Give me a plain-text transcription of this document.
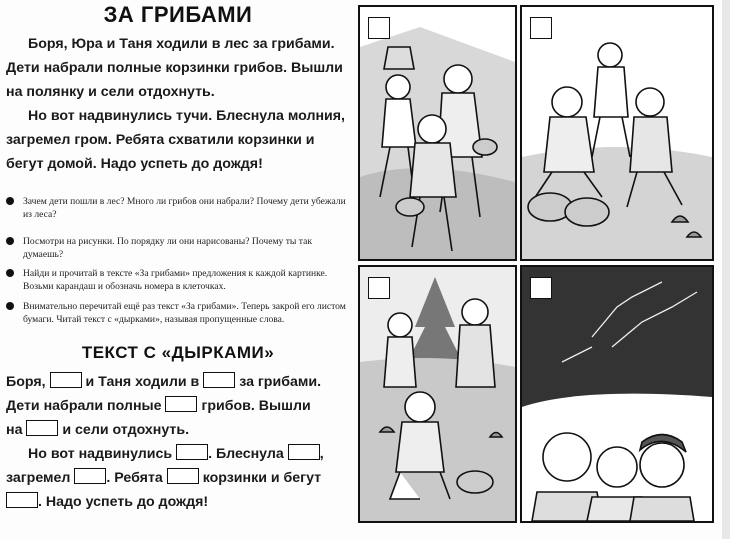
ЗА ГРИБАМИ
Боря, Юра и Таня ходили в лес за грибами. Дети набрали полные корзинки грибов. Вышли на полянку и сели отдохнуть.
Но вот надвинулись тучи. Блеснула молния, загремел гром. Ребята схватили корзинки и бегут домой. Надо успеть до дождя!
Зачем дети пошли в лес? Много ли грибов они набрали? Почему дети убежали из леса?
Посмотри на рисунки. По порядку ли они нарисованы? Почему ты так думаешь?
Найди и прочитай в тексте «За грибами» предложения к каждой картинке. Возьми карандаш и обозначь номера в клеточках.
Внимательно перечитай ещё раз текст «За грибами». Теперь закрой его листом бумаги. Читай текст с «дырками», называя пропущенные слова.
ТЕКСТ С «ДЫРКАМИ»
Боря,	и Таня ходили в	за грибами.
Дети набрали полные	грибов. Вышли
на	и сели отдохнуть.
Но вот надвинулись	. Блеснула	,
загремел	. Ребята	корзинки и бегут
. Надо успеть до дождя!
